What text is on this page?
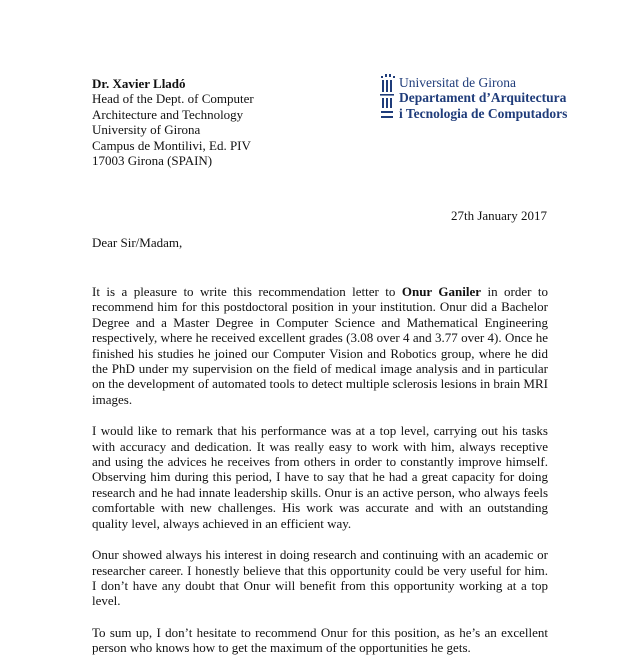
Dr. Xavier Lladó
Head of the Dept. of Computer
Architecture and Technology
University of Girona
Campus de Montilivi, Ed. PIV
17003 Girona (SPAIN)
Universitat de Girona
Departament d’Arquitectura
i Tecnologia de Computadors
27th January 2017
Dear Sir/Madam,

It is a pleasure to write this recommendation letter to Onur Ganiler in order to recommend him for this postdoctoral position in your institution. Onur did a Bachelor Degree and a Master Degree in Computer Science and Mathematical Engineering respectively, where he received excellent grades (3.08 over 4 and 3.77 over 4). Once he finished his studies he joined our Computer Vision and Robotics group, where he did the PhD under my supervision on the field of medical image analysis and in particular on the development of automated tools to detect multiple sclerosis lesions in brain MRI images.

I would like to remark that his performance was at a top level, carrying out his tasks with accuracy and dedication. It was really easy to work with him, always receptive and using the advices he receives from others in order to constantly improve himself. Observing him during this period, I have to say that he had a great capacity for doing research and he had innate leadership skills. Onur is an active person, who always feels comfortable with new challenges. His work was accurate and with an outstanding quality level, always achieved in an efficient way.

Onur showed always his interest in doing research and continuing with an academic or researcher career. I honestly believe that this opportunity could be very useful for him. I don’t have any doubt that Onur will benefit from this opportunity working at a top level.

To sum up, I don’t hesitate to recommend Onur for this position, as he’s an excellent person who knows how to get the maximum of the opportunities he gets.
